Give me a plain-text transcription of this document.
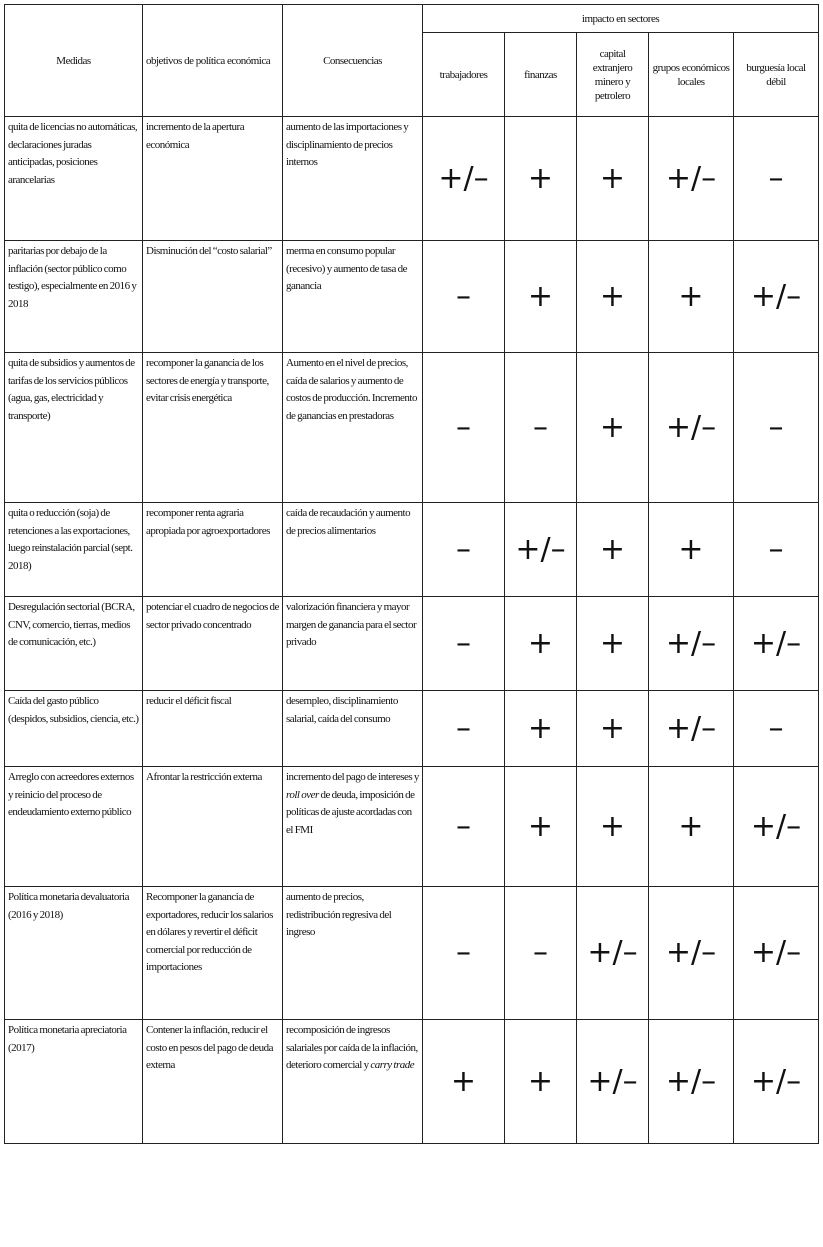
Medidas	objetivos de política económica	Consecuencias	impacto en sectores				
			trabajadores	finanzas	capital extranjero minero y petrolero	grupos económicos locales	burguesía local débil
quita de licencias no automáticas, declaraciones juradas anticipadas, posiciones arancelarias	incremento de la apertura económica	aumento de las importaciones y disciplinamiento de precios internos	+/–	+	+	+/–	–
paritarias por debajo de la inflación (sector público como testigo), especialmente en 2016 y 2018	Disminución del “costo salarial”	merma en consumo popular (recesivo) y aumento de tasa de ganancia	–	+	+	+	+/–
quita de subsidios y aumentos de tarifas de los servicios públicos (agua, gas, electricidad y transporte)	recomponer la ganancia de los sectores de energía y transporte, evitar crisis energética	Aumento en el nivel de precios, caída de salarios y aumento de costos de producción. Incremento de ganancias en prestadoras	–	–	+	+/–	–
quita o reducción (soja) de retenciones a las exportaciones, luego reinstalación parcial (sept. 2018)	recomponer renta agraria apropiada por agroexportadores	caída de recaudación y aumento de precios alimentarios	–	+/–	+	+	–
Desregulación sectorial (BCRA, CNV, comercio, tierras, medios de comunicación, etc.)	potenciar el cuadro de negocios de sector privado concentrado	valorización financiera y mayor margen de ganancia para el sector privado	–	+	+	+/–	+/–
Caída del gasto público (despidos, subsidios, ciencia, etc.)	reducir el déficit fiscal	desempleo, disciplinamiento salarial, caída del consumo	–	+	+	+/–	–
Arreglo con acreedores externos y reinicio del proceso de endeudamiento externo público	Afrontar la restricción externa	incremento del pago de intereses y roll over de deuda, imposición de políticas de ajuste acordadas con el FMI	–	+	+	+	+/–
Política monetaria devaluatoria (2016 y 2018)	Recomponer la ganancia de exportadores, reducir los salarios en dólares y revertir el déficit comercial por reducción de importaciones	aumento de precios, redistribución regresiva del ingreso	–	–	+/–	+/–	+/–
Política monetaria apreciatoria (2017)	Contener la inflación, reducir el costo en pesos del pago de deuda externa	recomposición de ingresos salariales por caída de la inflación, deterioro comercial y carry trade	+	+	+/–	+/–	+/–
